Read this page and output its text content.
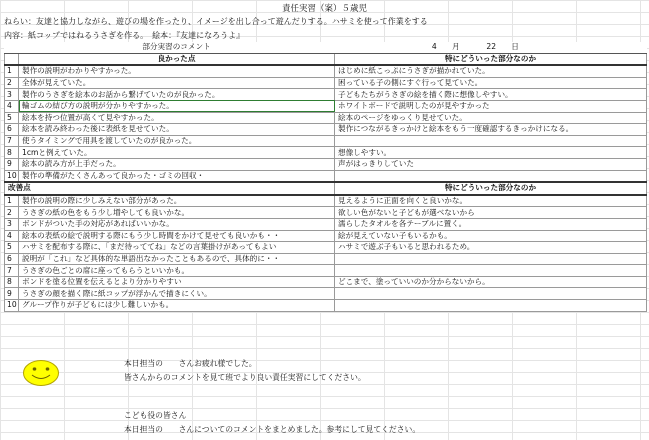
責任実習（案）５歳児
ねらい：友達と協力しながら、遊びの場を作ったり、イメージを出し合って遊んだりする。ハサミを使って作業をする
内容：紙コップではねるうさぎを作る。　絵本：『友達になろうよ』
	部分実習のコメント	4　　月 22　　日
	良かった点	特にどういった部分なのか
1	製作の説明がわかりやすかった。	はじめに紙こっぷにうさぎが描かれていた。
2	全体が見えていた。	困っている子の側にすぐ行って見ていた。
3	製作のうさぎを絵本のお話から繋げていたのが良かった。	子どもたちがうさぎの絵を描く際に想像しやすい。
4	輪ゴムの結び方の説明が分かりやすかった。	ホワイトボードで説明したのが見やすかった
5	絵本を持つ位置が高くて見やすかった。	絵本のページをゆっくり見せていた。
6	絵本を読み終わった後に表紙を見せていた。	製作につながるきっかけと絵本をもう一度確認するきっかけになる。
7	使うタイミングで用具を渡していたのが良かった。	
8	1cmと例えていた。	想像しやすい。
9	絵本の読み方が上手だった。	声がはっきりしていた
10	製作の準備がたくさんあって良かった・ゴミの回収・	
改善点		特にどういった部分なのか
1	製作の説明の際に少しみえない部分があった。	見えるように正面を向くと良いかな。
2	うさぎの紙の色をもう少し増やしても良いかな。	欲しい色がないと子どもが選べないから
3	ボンドがついた手の対応があればいいかな。	濡らしたタオルを各テーブルに置く。
4	絵本の表紙の絵で説明する際にもう少し時間をかけて見せても良いかも・・	絵が見えていない子もいるかも。
5	ハサミを配布する際に、「まだ待っててね」などの言葉掛けがあってもよい	ハサミで遊ぶ子もいると思われるため。
6	説明が「これ」など具体的な単語出なかったこともあるので、具体的に・・	
7	うさぎの色ごとの席に座ってもらうといいかも。	
8	ボンドを塗る位置を伝えるとより分かりやすい	どこまで、塗っていいのか分からないから。
9	うさぎの顔を描く際に紙コップが浮かんで描きにくい。	
10	グループ作りが子どもには少し難しいかも。	
本日担当の　　さんお疲れ様でした。
皆さんからのコメントを見て班でより良い責任実習にしてください。
こども役の皆さん
本日担当の　　さんについてのコメントをまとめました。参考にして見てください。
